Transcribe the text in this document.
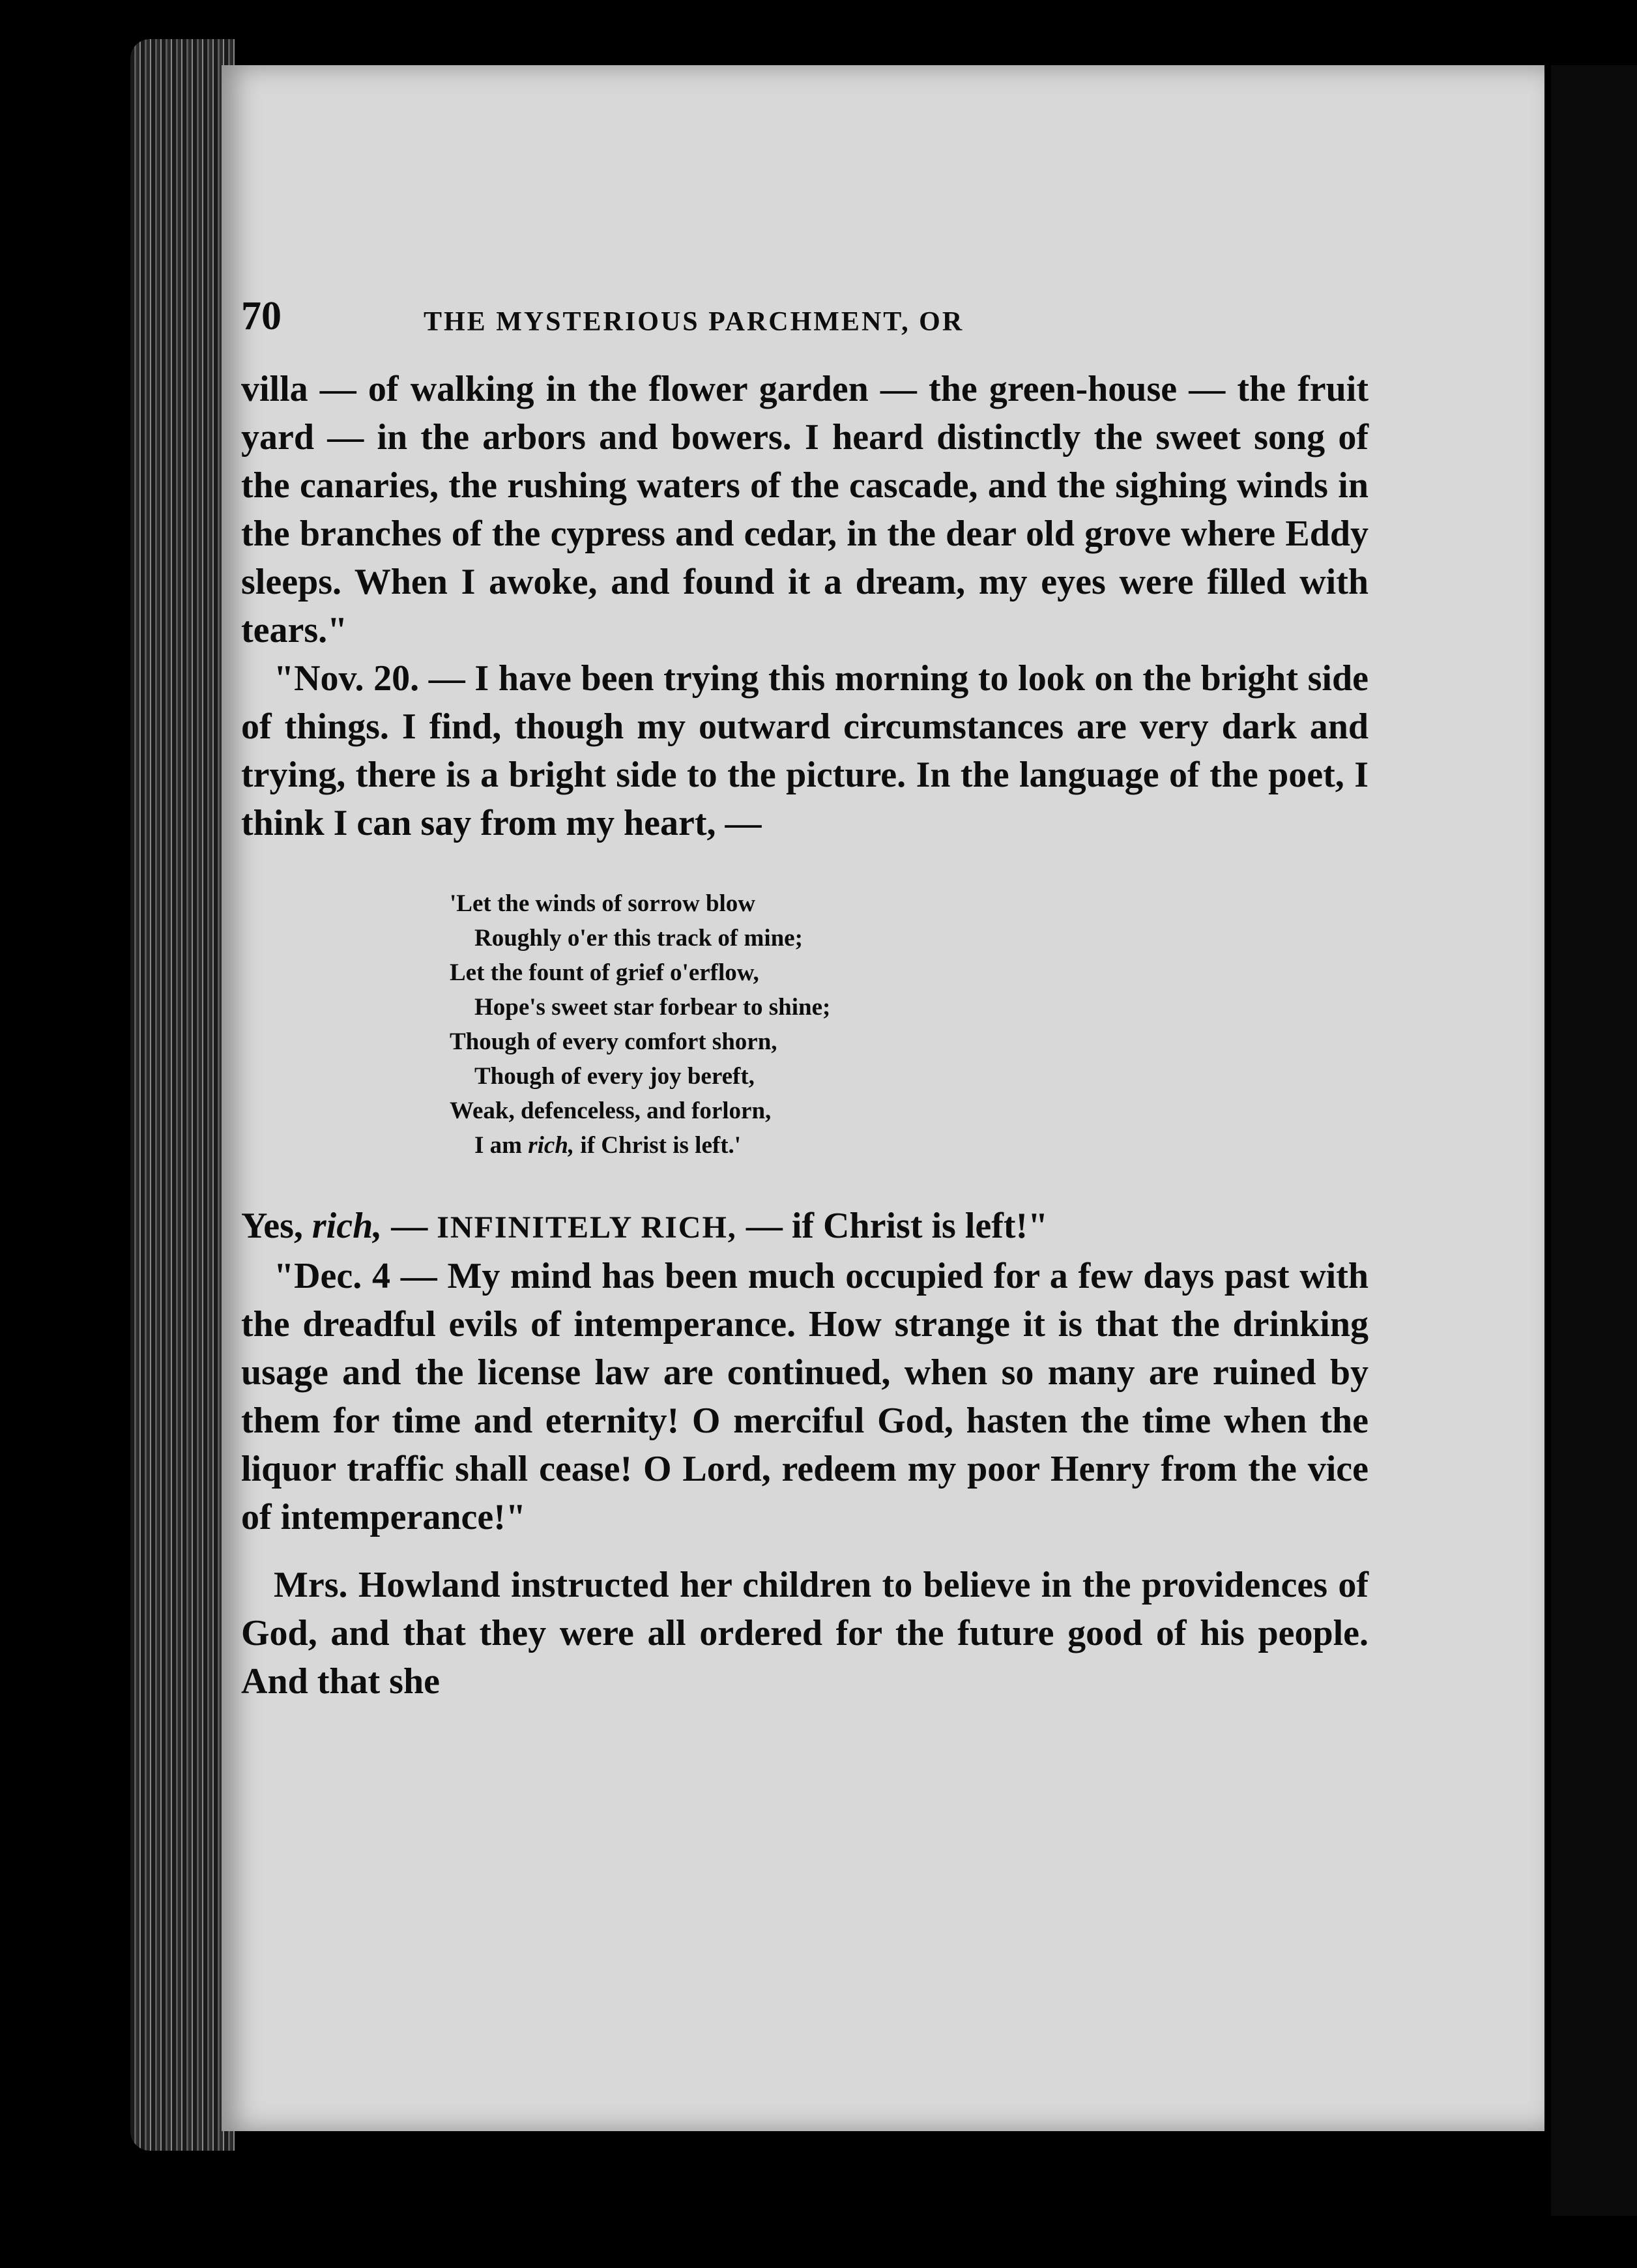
70	THE MYSTERIOUS PARCHMENT, OR

villa — of walking in the flower garden — the green-house — the fruit yard — in the arbors and bowers. I heard distinctly the sweet song of the canaries, the rushing waters of the cascade, and the sighing winds in the branches of the cypress and cedar, in the dear old grove where Eddy sleeps. When I awoke, and found it a dream, my eyes were filled with tears."

"Nov. 20. — I have been trying this morning to look on the bright side of things. I find, though my outward circumstances are very dark and trying, there is a bright side to the picture. In the language of the poet, I think I can say from my heart, —

'Let the winds of sorrow blow
Roughly o'er this track of mine;
Let the fount of grief o'erflow,
Hope's sweet star forbear to shine;
Though of every comfort shorn,
Though of every joy bereft,
Weak, defenceless, and forlorn,
I am rich, if Christ is left.'

Yes, rich, — INFINITELY RICH, — if Christ is left!"

"Dec. 4 — My mind has been much occupied for a few days past with the dreadful evils of intemperance. How strange it is that the drinking usage and the license law are continued, when so many are ruined by them for time and eternity! O merciful God, hasten the time when the liquor traffic shall cease! O Lord, redeem my poor Henry from the vice of intemperance!"

Mrs. Howland instructed her children to believe in the providences of God, and that they were all ordered for the future good of his people. And that she
